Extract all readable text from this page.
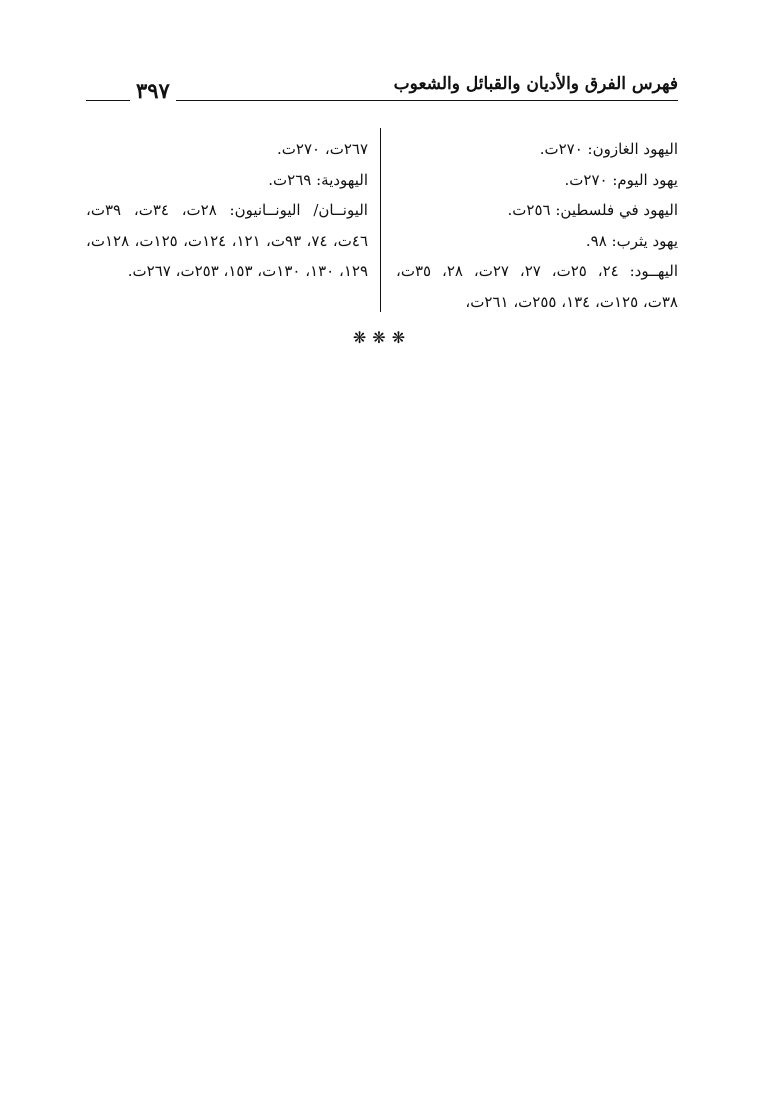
فهرس الفرق والأديان والقبائل والشعوب
٣٩٧
اليهود الغازون: ٢٧٠ت.
يهود اليوم: ٢٧٠ت.
اليهود في فلسطين: ٢٥٦ت.
يهود يثرب: ٩٨.
اليهــود: ٢٤، ٢٥ت، ٢٧، ٢٧ت، ٢٨، ٣٥ت، ٣٨ت، ١٢٥ت، ١٣٤، ٢٥٥ت، ٢٦١ت،
٢٦٧ت، ٢٧٠ت.
اليهودية: ٢٦٩ت.
اليونــان/ اليونــانيون: ٢٨ت، ٣٤ت، ٣٩ت، ٤٦ت، ٧٤، ٩٣ت، ١٢١، ١٢٤ت، ١٢٥ت، ١٢٨ت، ١٢٩، ١٣٠، ١٣٠ت، ١٥٣، ٢٥٣ت، ٢٦٧ت.
❋❋❋
